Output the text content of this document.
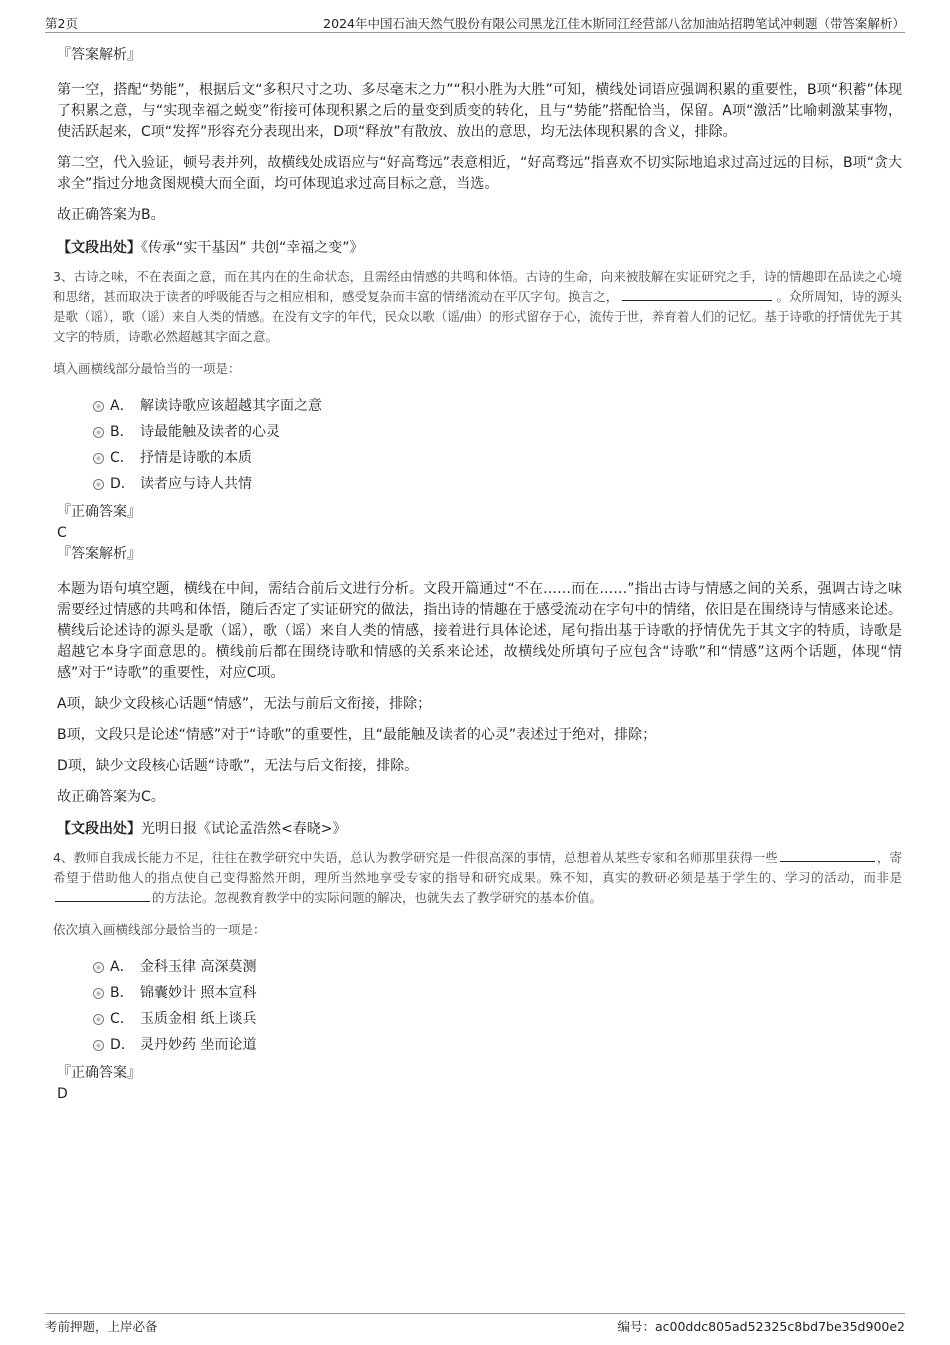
第2页	2024年中国石油天然气股份有限公司黑龙江佳木斯同江经营部八岔加油站招聘笔试冲刺题（带答案解析）
『答案解析』

第一空，搭配“势能”，根据后文“多积尺寸之功、多尽毫末之力”“积小胜为大胜”可知，横线处词语应强调积累的重要性，B项“积蓄”体现了积累之意，与“实现幸福之蜕变”衔接可体现积累之后的量变到质变的转化，且与“势能”搭配恰当，保留。A项“激活”比喻刺激某事物，使活跃起来，C项“发挥”形容充分表现出来，D项“释放”有散放、放出的意思，均无法体现积累的含义，排除。

第二空，代入验证，顿号表并列，故横线处成语应与“好高骛远”表意相近，“好高骛远”指喜欢不切实际地追求过高过远的目标，B项“贪大求全”指过分地贪图规模大而全面，均可体现追求过高目标之意，当选。

故正确答案为B。

【文段出处】《传承“实干基因” 共创“幸福之变”》

3、古诗之味，不在表面之意，而在其内在的生命状态，且需经由情感的共鸣和体悟。古诗的生命，向来被肢解在实证研究之手，诗的情趣即在品读之心境和思绪，甚而取决于读者的呼吸能否与之相应相和，感受复杂而丰富的情绪流动在平仄字句。换言之，	。众所周知，诗的源头是歌（谣），歌（谣）来自人类的情感。在没有文字的年代，民众以歌（谣/曲）的形式留存于心，流传于世，养育着人们的记忆。基于诗歌的抒情优先于其文字的特质，诗歌必然超越其字面之意。

填入画横线部分最恰当的一项是：

A． 解读诗歌应该超越其字面之意
B． 诗最能触及读者的心灵
C． 抒情是诗歌的本质
D． 读者应与诗人共情
『正确答案』
C
『答案解析』

本题为语句填空题，横线在中间，需结合前后文进行分析。文段开篇通过“不在……而在……”指出古诗与情感之间的关系，强调古诗之味需要经过情感的共鸣和体悟，随后否定了实证研究的做法，指出诗的情趣在于感受流动在字句中的情绪，依旧是在围绕诗与情感来论述。横线后论述诗的源头是歌（谣），歌（谣）来自人类的情感，接着进行具体论述，尾句指出基于诗歌的抒情优先于其文字的特质，诗歌是超越它本身字面意思的。横线前后都在围绕诗歌和情感的关系来论述，故横线处所填句子应包含“诗歌”和“情感”这两个话题，体现“情感”对于“诗歌”的重要性，对应C项。

A项，缺少文段核心话题“情感”，无法与前后文衔接，排除；

B项，文段只是论述“情感”对于“诗歌”的重要性，且“最能触及读者的心灵”表述过于绝对，排除；

D项，缺少文段核心话题“诗歌”，无法与后文衔接，排除。

故正确答案为C。

【文段出处】光明日报《试论孟浩然<春晓>》

4、教师自我成长能力不足，往往在教学研究中失语，总认为教学研究是一件很高深的事情，总想着从某些专家和名师那里获得一些	，寄希望于借助他人的指点使自己变得豁然开朗，理所当然地享受专家的指导和研究成果。殊不知，真实的教研必须是基于学生的、学习的活动，而非是的方法论。忽视教育教学中的实际问题的解决，也就失去了教学研究的基本价值。

依次填入画横线部分最恰当的一项是：

A． 金科玉律 高深莫测
B． 锦囊妙计 照本宣科
C． 玉质金相 纸上谈兵
D． 灵丹妙药 坐而论道
『正确答案』
D
考前押题，上岸必备	编号：ac00ddc805ad52325c8bd7be35d900e2
